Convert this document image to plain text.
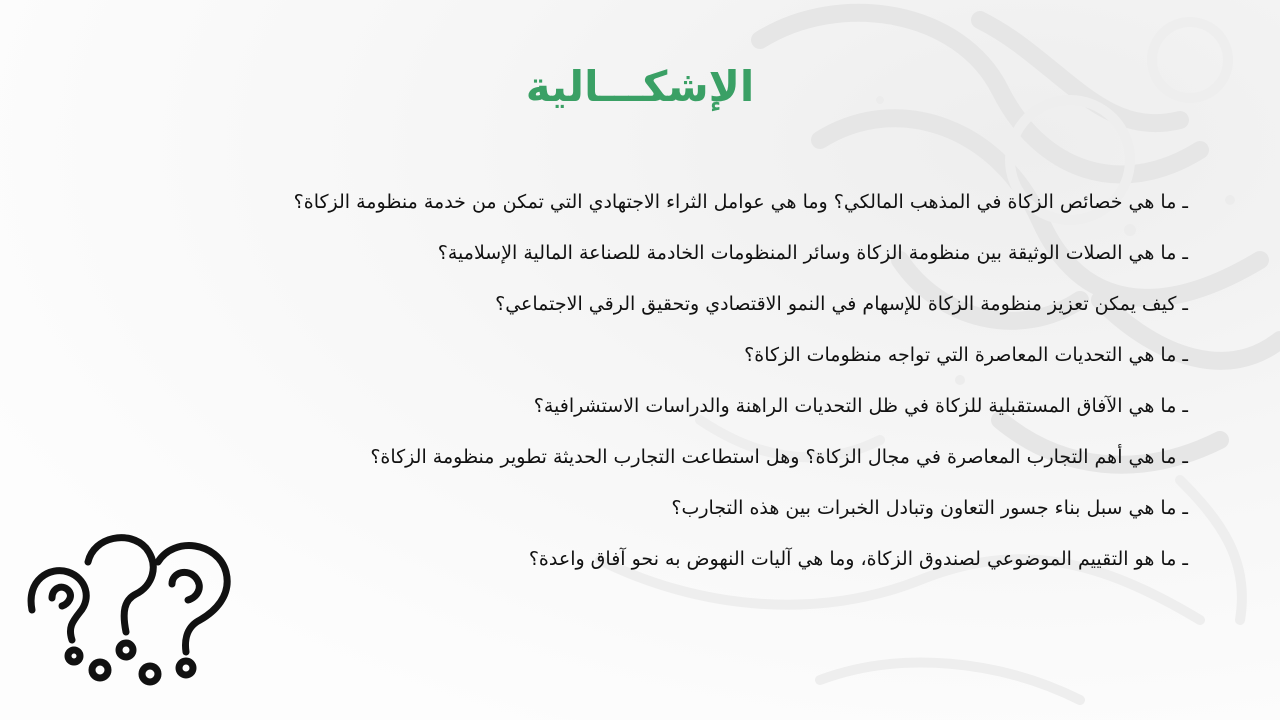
الإشكـــالية
ـ ما هي خصائص الزكاة في المذهب المالكي؟ وما هي عوامل الثراء الاجتهادي التي تمكن من خدمة منظومة الزكاة؟
ـ ما هي الصلات الوثيقة بين منظومة الزكاة وسائر المنظومات الخادمة للصناعة المالية الإسلامية؟
ـ كيف يمكن تعزيز منظومة الزكاة للإسهام في النمو الاقتصادي وتحقيق الرقي الاجتماعي؟
ـ ما هي التحديات المعاصرة التي تواجه منظومات الزكاة؟
ـ ما هي الآفاق المستقبلية للزكاة في ظل التحديات الراهنة والدراسات الاستشرافية؟
ـ ما هي أهم التجارب المعاصرة في مجال الزكاة؟ وهل استطاعت التجارب الحديثة تطوير منظومة الزكاة؟
ـ ما هي سبل بناء جسور التعاون وتبادل الخبرات بين هذه التجارب؟
ـ ما هو التقييم الموضوعي لصندوق الزكاة، وما هي آليات النهوض به نحو آفاق واعدة؟
